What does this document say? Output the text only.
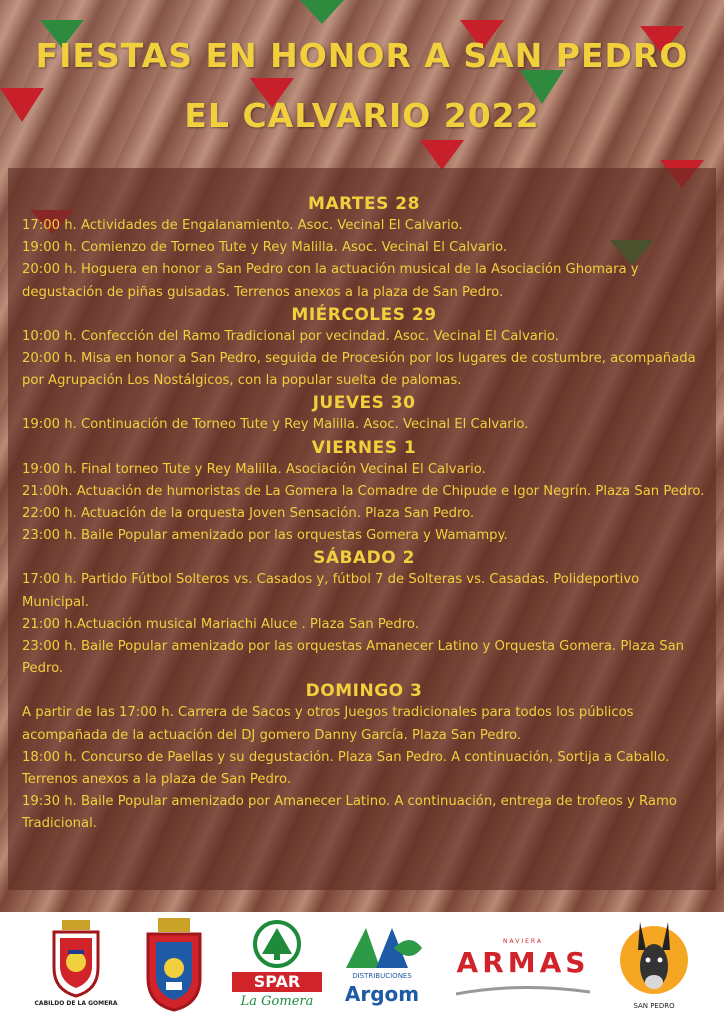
FIESTAS EN HONOR A SAN PEDRO
EL CALVARIO 2022
MARTES 28
17:00 h. Actividades de Engalanamiento. Asoc. Vecinal El Calvario.
19:00 h. Comienzo de Torneo Tute y Rey Malilla. Asoc. Vecinal El Calvario.
20:00 h. Hoguera en honor a San Pedro con la actuación musical de la Asociación Ghomara y degustación de piñas guisadas. Terrenos anexos a la plaza de San Pedro.
MIÉRCOLES 29
10:00 h. Confección del Ramo Tradicional por vecindad. Asoc. Vecinal El Calvario.
20:00 h. Misa en honor a San Pedro, seguida de Procesión por los lugares de costumbre, acompañada por Agrupación Los Nostálgicos, con la popular suelta de palomas.
JUEVES 30
19:00 h. Continuación de Torneo Tute y Rey Malilla. Asoc. Vecinal El Calvario.
VIERNES 1
19:00 h. Final torneo Tute y Rey Malilla. Asociación Vecinal El Calvario.
21:00h. Actuación de humoristas de La Gomera la Comadre de Chipude e Igor Negrín. Plaza San Pedro.
22:00 h. Actuación de la orquesta Joven Sensación. Plaza San Pedro.
23:00 h. Baile Popular amenizado por las orquestas Gomera y Wamampy.
SÁBADO 2
17:00 h. Partido Fútbol Solteros vs. Casados y, fútbol 7 de Solteras vs. Casadas. Polideportivo Municipal.
21:00 h.Actuación musical Mariachi Aluce . Plaza San Pedro.
23:00 h. Baile Popular amenizado por las orquestas Amanecer Latino y Orquesta Gomera. Plaza San Pedro.
DOMINGO 3
A partir de las 17:00 h. Carrera de Sacos y otros Juegos tradicionales para todos los públicos acompañada de la actuación del DJ gomero Danny García. Plaza San Pedro.
18:00 h. Concurso de Paellas y su degustación. Plaza San Pedro. A continuación, Sortija a Caballo. Terrenos anexos a la plaza de San Pedro.
19:30 h. Baile Popular amenizado por Amanecer Latino. A continuación, entrega de trofeos y Ramo Tradicional.
CABILDO DE LA GOMERA
SPAR
La Gomera
DISTRIBUCIONES
Argom
NAVIERA
ARMAS
SAN PEDRO
